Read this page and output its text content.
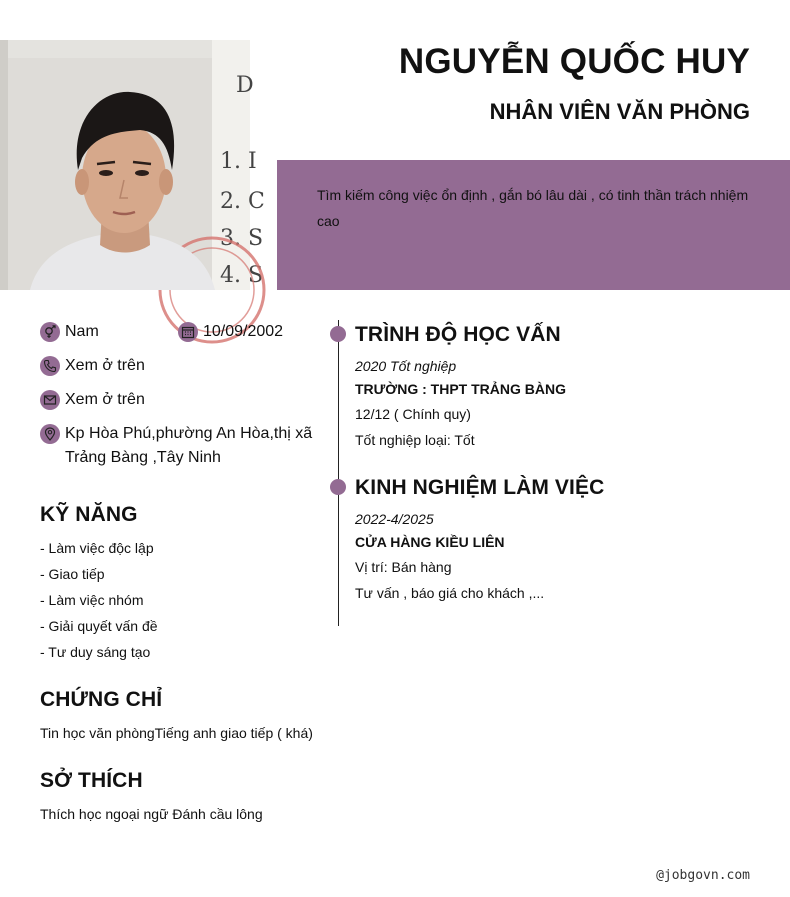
D
1. I
2. C
3. S
4. S
NGUYỄN QUỐC HUY
NHÂN VIÊN VĂN PHÒNG

Tìm kiếm công việc ổn định , gắn bó lâu dài , có tinh thần trách nhiệm cao

Nam	10/09/2002
Xem ở trên
Xem ở trên
Kp Hòa Phú,phường An Hòa,thị xã Trảng Bàng ,Tây Ninh
KỸ NĂNG
- Làm việc độc lập
- Giao tiếp
- Làm việc nhóm
- Giải quyết vấn đề
- Tư duy sáng tạo
CHỨNG CHỈ
Tin học văn phòngTiếng anh giao tiếp ( khá)
SỞ THÍCH
Thích học ngoại ngữ Đánh cầu lông
TRÌNH ĐỘ HỌC VẤN
2020 Tốt nghiệp
TRƯỜNG : THPT TRẢNG BÀNG
12/12 ( Chính quy)
Tốt nghiệp loại: Tốt
KINH NGHIỆM LÀM VIỆC
2022-4/2025
CỬA HÀNG KIỀU LIÊN
Vị trí: Bán hàng
Tư vấn , báo giá cho khách ,...
@jobgovn.com
